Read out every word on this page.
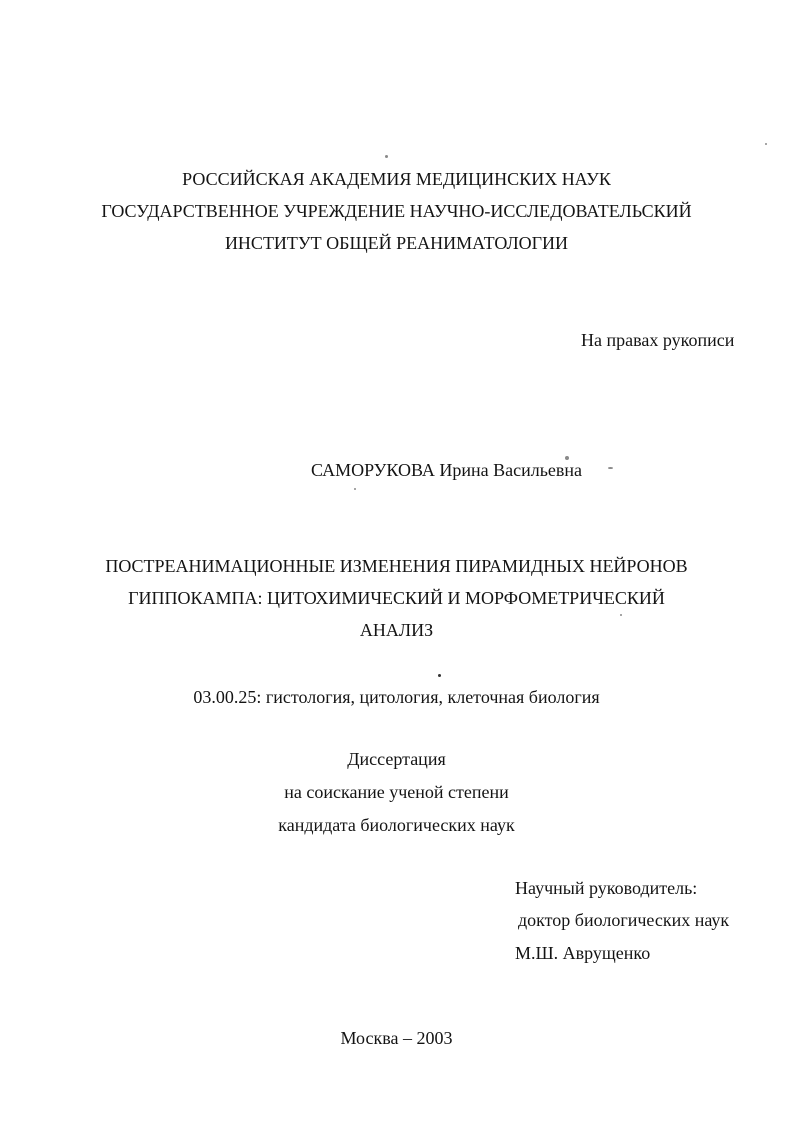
РОССИЙСКАЯ АКАДЕМИЯ МЕДИЦИНСКИХ НАУК
ГОСУДАРСТВЕННОЕ УЧРЕЖДЕНИЕ НАУЧНО-ИССЛЕДОВАТЕЛЬСКИЙ
ИНСТИТУТ ОБЩЕЙ РЕАНИМАТОЛОГИИ
На правах рукописи
САМОРУКОВА Ирина Васильевна
ПОСТРЕАНИМАЦИОННЫЕ ИЗМЕНЕНИЯ ПИРАМИДНЫХ НЕЙРОНОВ
ГИППОКАМПА: ЦИТОХИМИЧЕСКИЙ И МОРФОМЕТРИЧЕСКИЙ
АНАЛИЗ
03.00.25: гистология, цитология, клеточная биология
Диссертация
на соискание ученой степени
кандидата биологических наук
Научный руководитель:
доктор биологических наук
М.Ш. Аврущенко
Москва – 2003
